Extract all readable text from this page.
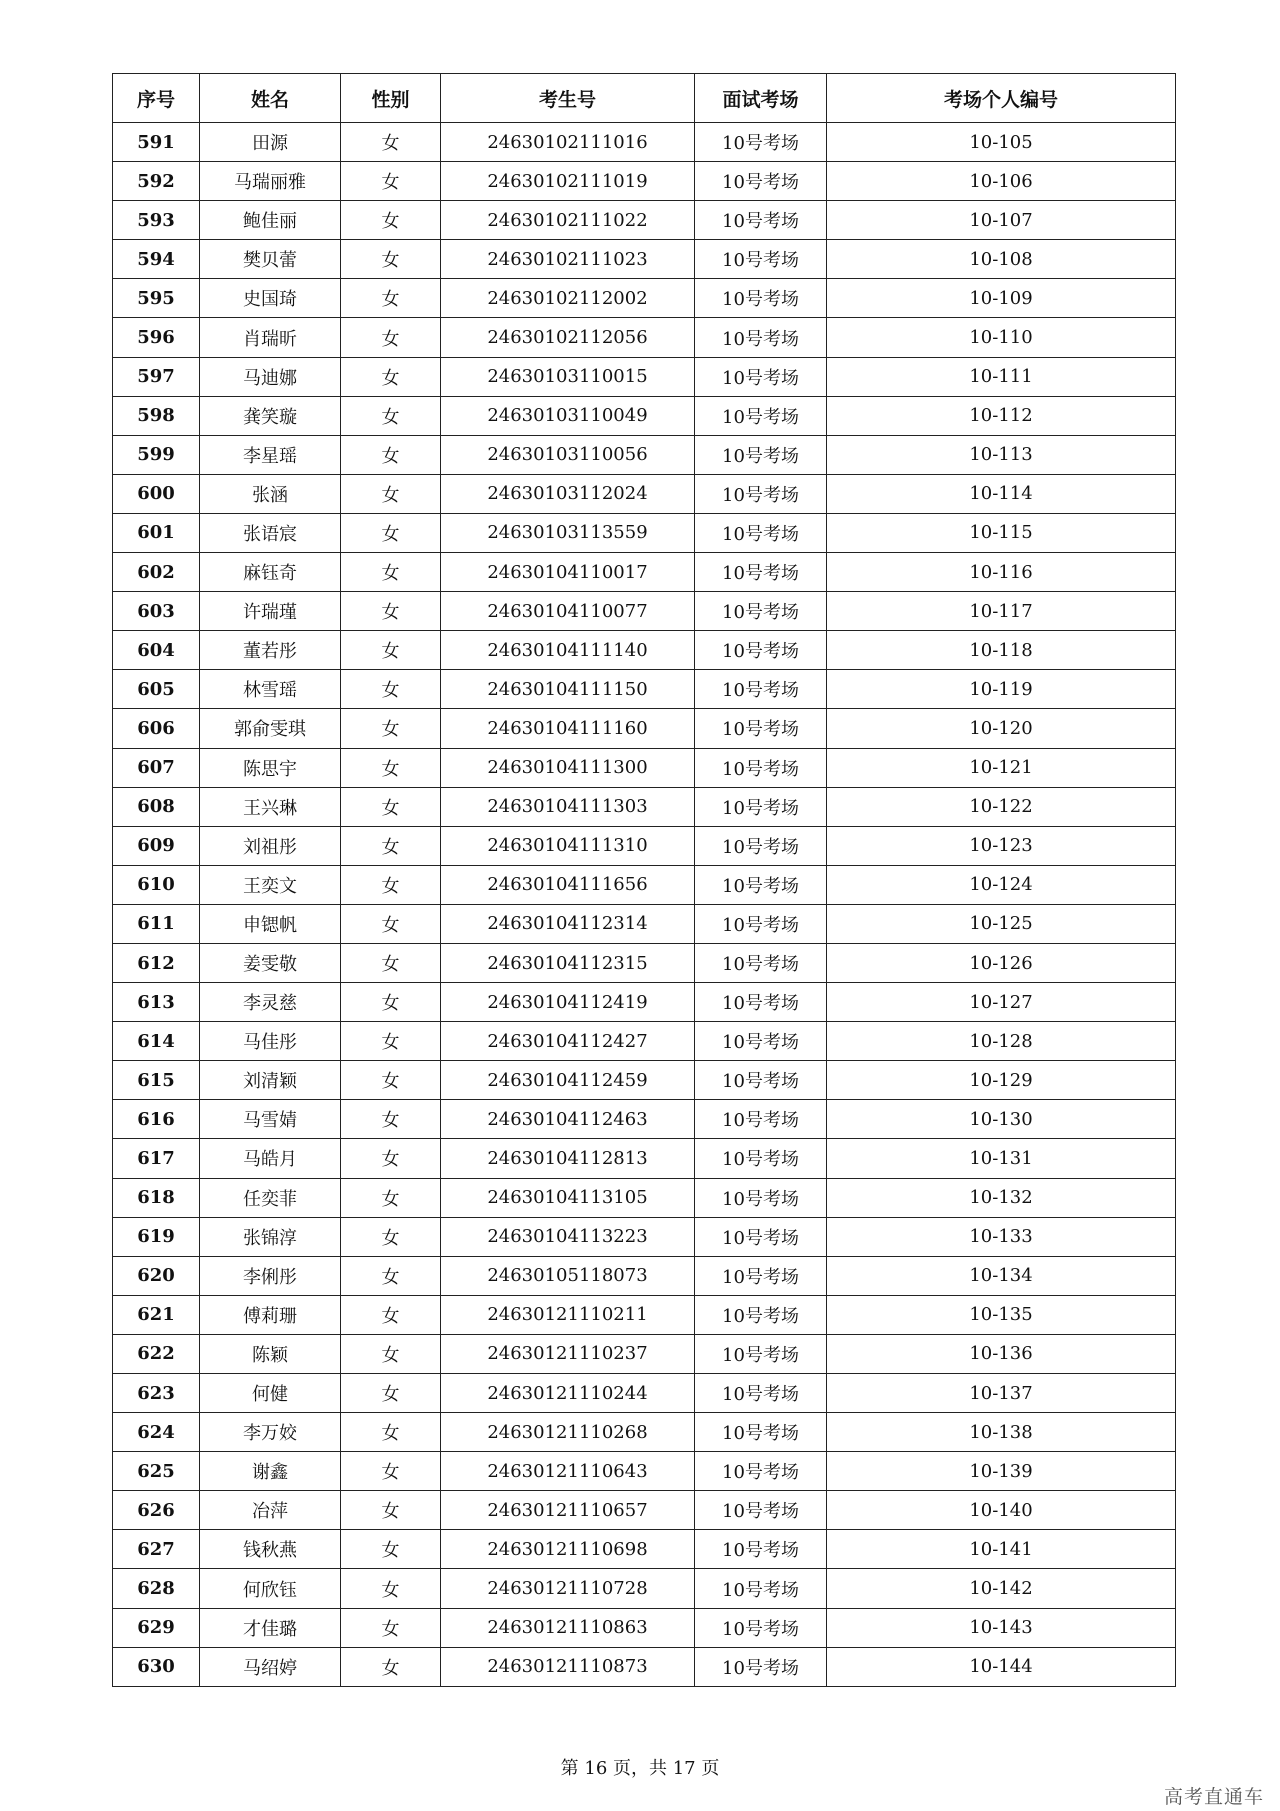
序号	姓名	性别	考生号	面试考场	考场个人编号
591	田源	女	24630102111016	10号考场	10-105
592	马瑞丽雅	女	24630102111019	10号考场	10-106
593	鲍佳丽	女	24630102111022	10号考场	10-107
594	樊贝蕾	女	24630102111023	10号考场	10-108
595	史国琦	女	24630102112002	10号考场	10-109
596	肖瑞昕	女	24630102112056	10号考场	10-110
597	马迪娜	女	24630103110015	10号考场	10-111
598	龚笑璇	女	24630103110049	10号考场	10-112
599	李星瑶	女	24630103110056	10号考场	10-113
600	张涵	女	24630103112024	10号考场	10-114
601	张语宸	女	24630103113559	10号考场	10-115
602	麻钰奇	女	24630104110017	10号考场	10-116
603	许瑞瑾	女	24630104110077	10号考场	10-117
604	董若彤	女	24630104111140	10号考场	10-118
605	林雪瑶	女	24630104111150	10号考场	10-119
606	郭俞雯琪	女	24630104111160	10号考场	10-120
607	陈思宇	女	24630104111300	10号考场	10-121
608	王兴琳	女	24630104111303	10号考场	10-122
609	刘祖彤	女	24630104111310	10号考场	10-123
610	王奕文	女	24630104111656	10号考场	10-124
611	申锶帆	女	24630104112314	10号考场	10-125
612	姜雯敬	女	24630104112315	10号考场	10-126
613	李灵慈	女	24630104112419	10号考场	10-127
614	马佳彤	女	24630104112427	10号考场	10-128
615	刘清颖	女	24630104112459	10号考场	10-129
616	马雪婧	女	24630104112463	10号考场	10-130
617	马皓月	女	24630104112813	10号考场	10-131
618	任奕菲	女	24630104113105	10号考场	10-132
619	张锦淳	女	24630104113223	10号考场	10-133
620	李俐彤	女	24630105118073	10号考场	10-134
621	傅莉珊	女	24630121110211	10号考场	10-135
622	陈颖	女	24630121110237	10号考场	10-136
623	何健	女	24630121110244	10号考场	10-137
624	李万姣	女	24630121110268	10号考场	10-138
625	谢鑫	女	24630121110643	10号考场	10-139
626	冶萍	女	24630121110657	10号考场	10-140
627	钱秋燕	女	24630121110698	10号考场	10-141
628	何欣钰	女	24630121110728	10号考场	10-142
629	才佳璐	女	24630121110863	10号考场	10-143
630	马绍婷	女	24630121110873	10号考场	10-144
第 16 页，共 17 页
高考直通车
